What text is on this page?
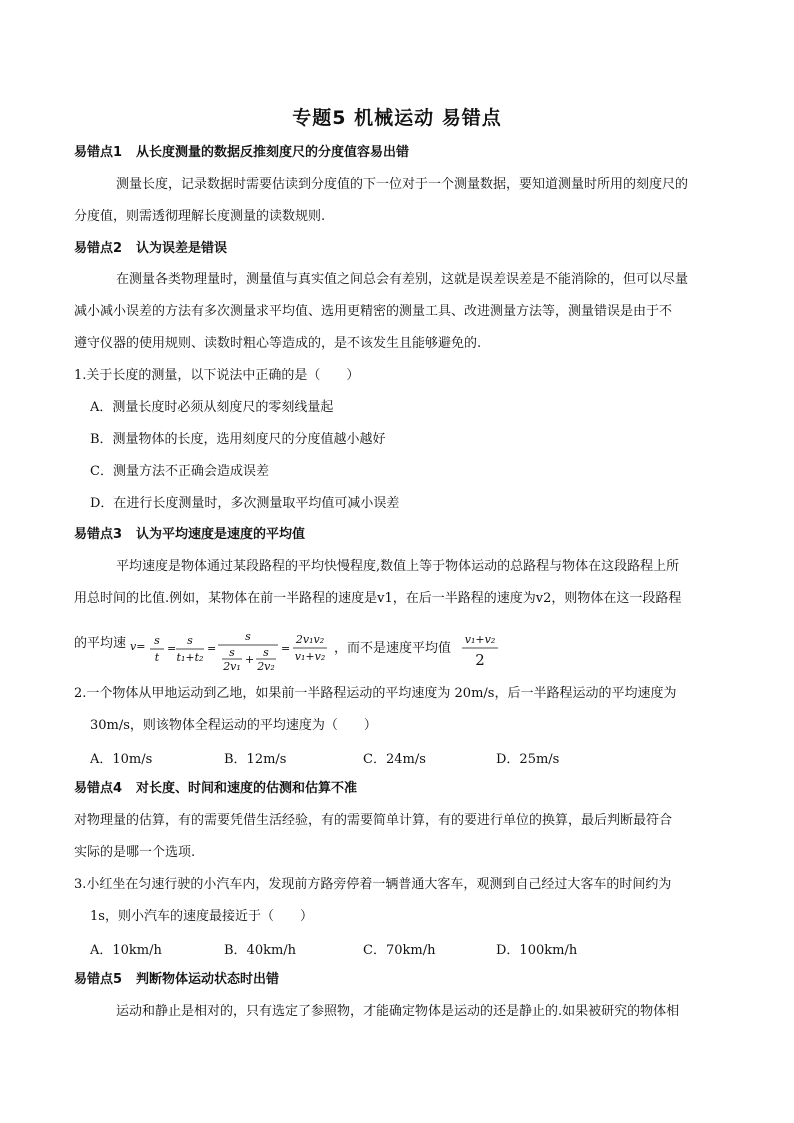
专题5 机械运动 易错点
易错点1 从长度测量的数据反推刻度尺的分度值容易出错
测量长度，记录数据时需要估读到分度值的下一位对于一个测量数据，要知道测量时所用的刻度尺的
分度值，则需透彻理解长度测量的读数规则.
易错点2 认为误差是错误
在测量各类物理量时，测量值与真实值之间总会有差别，这就是误差误差是不能消除的，但可以尽量
减小减小误差的方法有多次测量求平均值、选用更精密的测量工具、改进测量方法等，测量错误是由于不
遵守仪器的使用规则、读数时粗心等造成的，是不该发生且能够避免的.
1.关于长度的测量，以下说法中正确的是（　　）
A．测量长度时必须从刻度尺的零刻线量起
B．测量物体的长度，选用刻度尺的分度值越小越好
C．测量方法不正确会造成误差
D．在进行长度测量时，多次测量取平均值可减小误差
易错点3 认为平均速度是速度的平均值
平均速度是物体通过某段路程的平均快慢程度,数值上等于物体运动的总路程与物体在这段路程上所
用总时间的比值.例如，某物体在前一半路程的速度是v1，在后一半路程的速度为v2，则物体在这一段路程
的平均速 v= s
t
=
s
t₁+t₂
=
s
s
2v₁
+
s
2v₂
=
2v₁v₂
v₁+v₂
，而不是速度平均值
v₁+v₂
2
2.一个物体从甲地运动到乙地，如果前一半路程运动的平均速度为 20m/s，后一半路程运动的平均速度为
30m/s，则该物体全程运动的平均速度为（　　）
A．10m/s	B．12m/s	C．24m/s	D．25m/s
易错点4 对长度、时间和速度的估测和估算不准
对物理量的估算，有的需要凭借生活经验，有的需要简单计算，有的要进行单位的换算，最后判断最符合
实际的是哪一个选项.
3.小红坐在匀速行驶的小汽车内，发现前方路旁停着一辆普通大客车，观测到自己经过大客车的时间约为
1s，则小汽车的速度最接近于（　　）
A．10km/h	B．40km/h	C．70km/h	D．100km/h
易错点5 判断物体运动状态时出错
运动和静止是相对的，只有选定了参照物，才能确定物体是运动的还是静止的.如果被研究的物体相
